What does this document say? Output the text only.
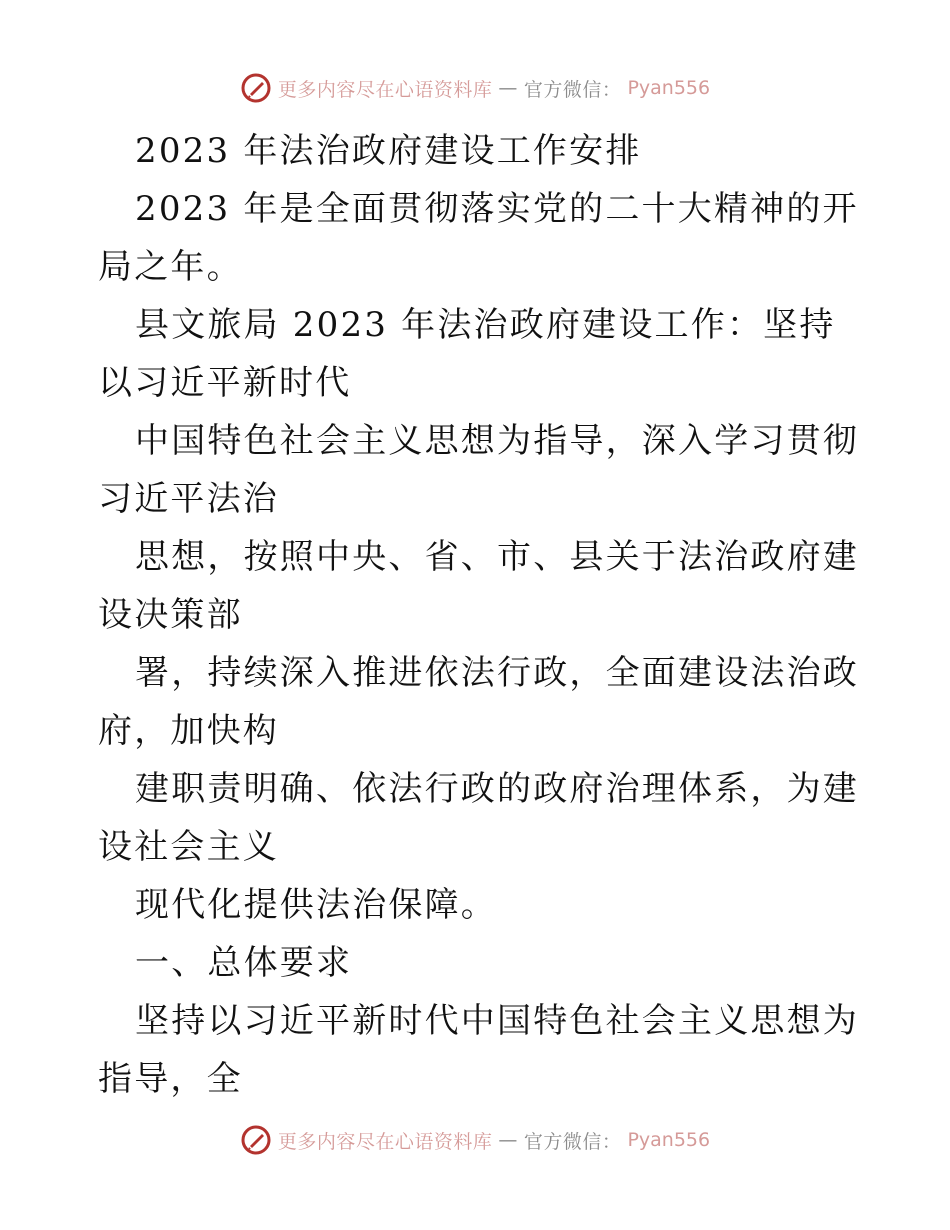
更多内容尽在心语资料库 — 官方微信： Pyan556

2023 年法治政府建设工作安排

2023 年是全面贯彻落实党的二十大精神的开局之年。

县文旅局 2023 年法治政府建设工作：坚持以习近平新时代

中国特色社会主义思想为指导，深入学习贯彻习近平法治

思想，按照中央、省、市、县关于法治政府建设决策部

署，持续深入推进依法行政，全面建设法治政府，加快构

建职责明确、依法行政的政府治理体系，为建设社会主义

现代化提供法治保障。

一、总体要求

坚持以习近平新时代中国特色社会主义思想为指导，全

更多内容尽在心语资料库 — 官方微信： Pyan556
